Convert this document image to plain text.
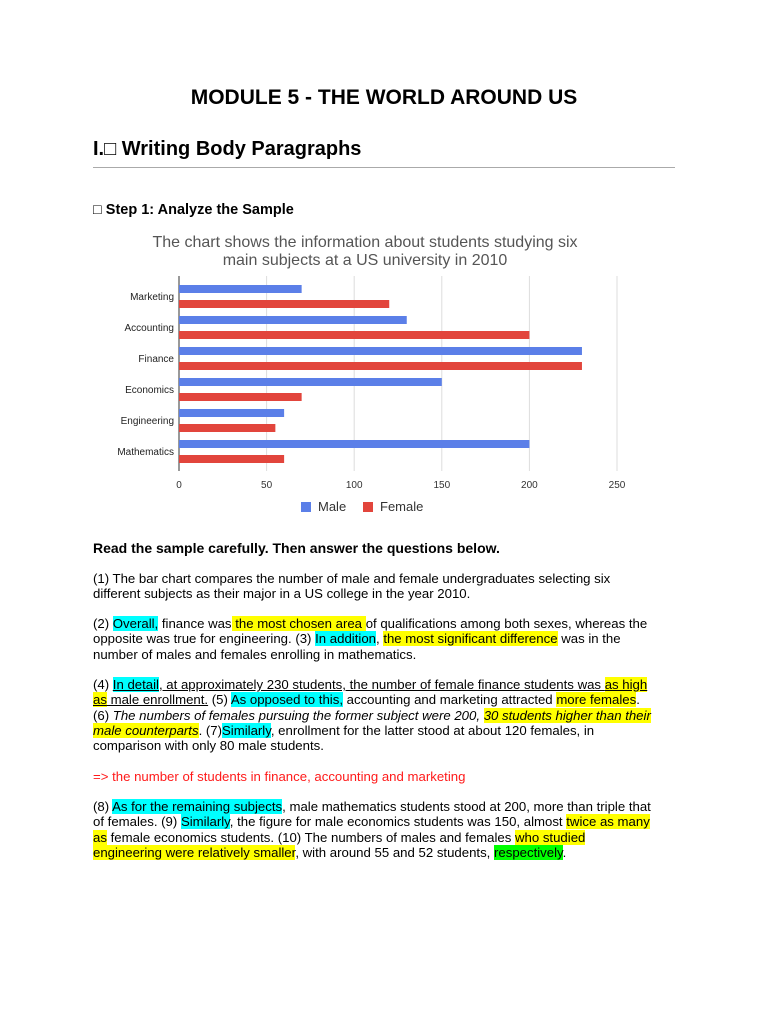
MODULE 5 - THE WORLD AROUND US
I.□ Writing Body Paragraphs
□ Step 1: Analyze the Sample
The chart shows the information about students studying six
main subjects at a US university in 2010
Marketing
Accounting
Finance
Economics
Engineering
Mathematics
0	50	100	150	200	250
Male	Female

Read the sample carefully. Then answer the questions below.

(1) The bar chart compares the number of male and female undergraduates selecting six different subjects as their major in a US college in the year 2010.

(2) Overall, finance was the most chosen area of qualifications among both sexes, whereas the opposite was true for engineering. (3) In addition, the most significant difference was in the number of males and females enrolling in mathematics.

(4) In detail, at approximately 230 students, the number of female finance students was as high as male enrollment. (5) As opposed to this, accounting and marketing attracted more females. (6) The numbers of females pursuing the former subject were 200, 30 students higher than their male counterparts. (7)Similarly, enrollment for the latter stood at about 120 females, in comparison with only 80 male students.

=> the number of students in finance, accounting and marketing

(8) As for the remaining subjects, male mathematics students stood at 200, more than triple that of females. (9) Similarly, the figure for male economics students was 150, almost twice as many as female economics students. (10) The numbers of males and females who studied engineering were relatively smaller, with around 55 and 52 students, respectively.
